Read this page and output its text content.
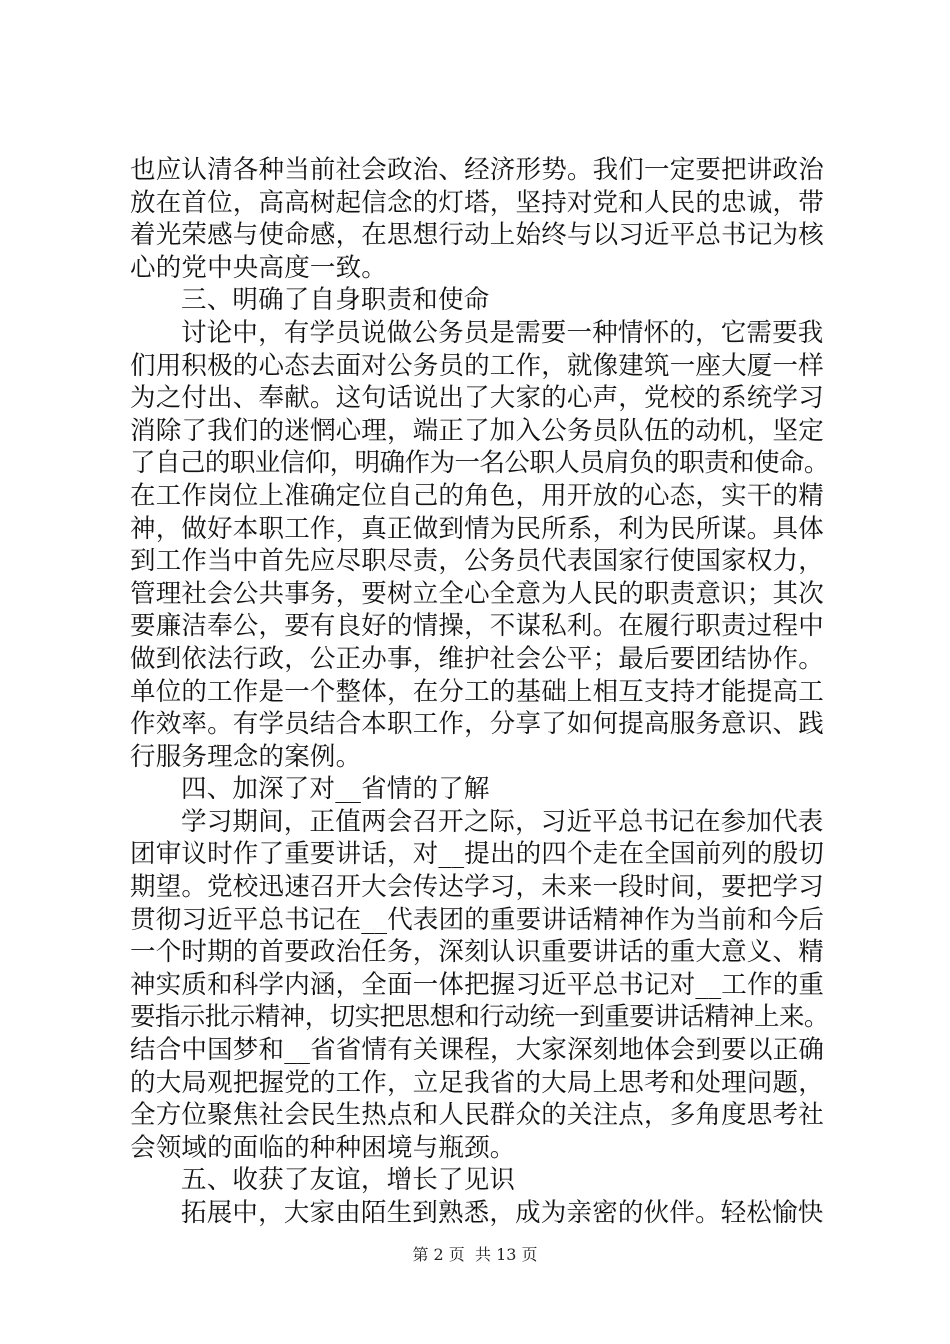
也应认清各种当前社会政治、经济形势。我们一定要把讲政治
放在首位，高高树起信念的灯塔，坚持对党和人民的忠诚，带
着光荣感与使命感，在思想行动上始终与以习近平总书记为核
心的党中央高度一致。
三、明确了自身职责和使命
讨论中，有学员说做公务员是需要一种情怀的，它需要我
们用积极的心态去面对公务员的工作，就像建筑一座大厦一样
为之付出、奉献。这句话说出了大家的心声，党校的系统学习
消除了我们的迷惘心理，端正了加入公务员队伍的动机，坚定
了自己的职业信仰，明确作为一名公职人员肩负的职责和使命。
在工作岗位上准确定位自己的角色，用开放的心态，实干的精
神，做好本职工作，真正做到情为民所系，利为民所谋。具体
到工作当中首先应尽职尽责，公务员代表国家行使国家权力，
管理社会公共事务，要树立全心全意为人民的职责意识；其次
要廉洁奉公，要有良好的情操，不谋私利。在履行职责过程中
做到依法行政，公正办事，维护社会公平；最后要团结协作。
单位的工作是一个整体，在分工的基础上相互支持才能提高工
作效率。有学员结合本职工作，分享了如何提高服务意识、践
行服务理念的案例。
四、加深了对__省情的了解
学习期间，正值两会召开之际，习近平总书记在参加代表
团审议时作了重要讲话，对__提出的四个走在全国前列的殷切
期望。党校迅速召开大会传达学习，未来一段时间，要把学习
贯彻习近平总书记在__代表团的重要讲话精神作为当前和今后
一个时期的首要政治任务，深刻认识重要讲话的重大意义、精
神实质和科学内涵，全面一体把握习近平总书记对__工作的重
要指示批示精神，切实把思想和行动统一到重要讲话精神上来。
结合中国梦和__省省情有关课程，大家深刻地体会到要以正确
的大局观把握党的工作，立足我省的大局上思考和处理问题，
全方位聚焦社会民生热点和人民群众的关注点，多角度思考社
会领域的面临的种种困境与瓶颈。
五、收获了友谊，增长了见识
拓展中，大家由陌生到熟悉，成为亲密的伙伴。轻松愉快
第 2 页 共 13 页
